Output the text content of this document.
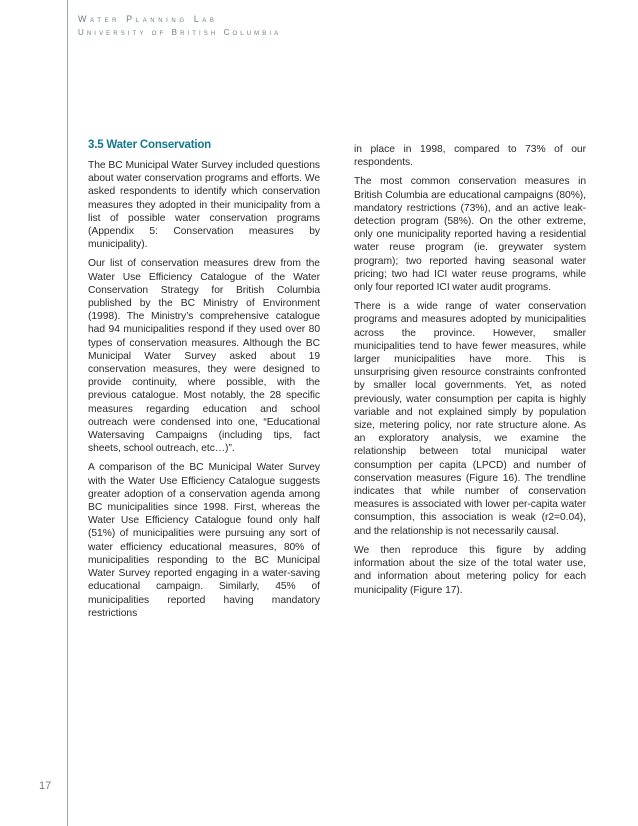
Water Planning Lab
University of British Columbia
3.5 Water Conservation

The BC Municipal Water Survey included questions about water conservation programs and efforts. We asked respondents to identify which conservation measures they adopted in their municipality from a list of possible water conservation programs (Appendix 5: Conservation measures by municipality).

Our list of conservation measures drew from the Water Use Efficiency Catalogue of the Water Conservation Strategy for British Columbia published by the BC Ministry of Environment (1998). The Ministry’s comprehensive catalogue had 94 municipalities respond if they used over 80 types of conservation measures. Although the BC Municipal Water Survey asked about 19 conservation measures, they were designed to provide continuity, where possible, with the previous catalogue. Most notably, the 28 specific measures regarding education and school outreach were condensed into one, “Educational Watersaving Campaigns (including tips, fact sheets, school outreach, etc…)”.

A comparison of the BC Municipal Water Survey with the Water Use Efficiency Catalogue suggests greater adoption of a conservation agenda among BC municipalities since 1998. First, whereas the Water Use Efficiency Catalogue found only half (51%) of municipalities were pursuing any sort of water efficiency educational measures, 80% of municipalities responding to the BC Municipal Water Survey reported engaging in a water-saving educational campaign. Similarly, 45% of municipalities reported having mandatory restrictions

in place in 1998, compared to 73% of our respondents.

The most common conservation measures in British Columbia are educational campaigns (80%), mandatory restrictions (73%), and an active leak-detection program (58%). On the other extreme, only one municipality reported having a residential water reuse program (ie. greywater system program); two reported having seasonal water pricing; two had ICI water reuse programs, while only four reported ICI water audit programs.

There is a wide range of water conservation programs and measures adopted by municipalities across the province. However, smaller municipalities tend to have fewer measures, while larger municipalities have more. This is unsurprising given resource constraints confronted by smaller local governments. Yet, as noted previously, water consumption per capita is highly variable and not explained simply by population size, metering policy, nor rate structure alone. As an exploratory analysis, we examine the relationship between total municipal water consumption per capita (LPCD) and number of conservation measures (Figure 16). The trendline indicates that while number of conservation measures is associated with lower per-capita water consumption, this association is weak (r2=0.04), and the relationship is not necessarily causal.

We then reproduce this figure by adding information about the size of the total water use, and information about metering policy for each municipality (Figure 17).

17
